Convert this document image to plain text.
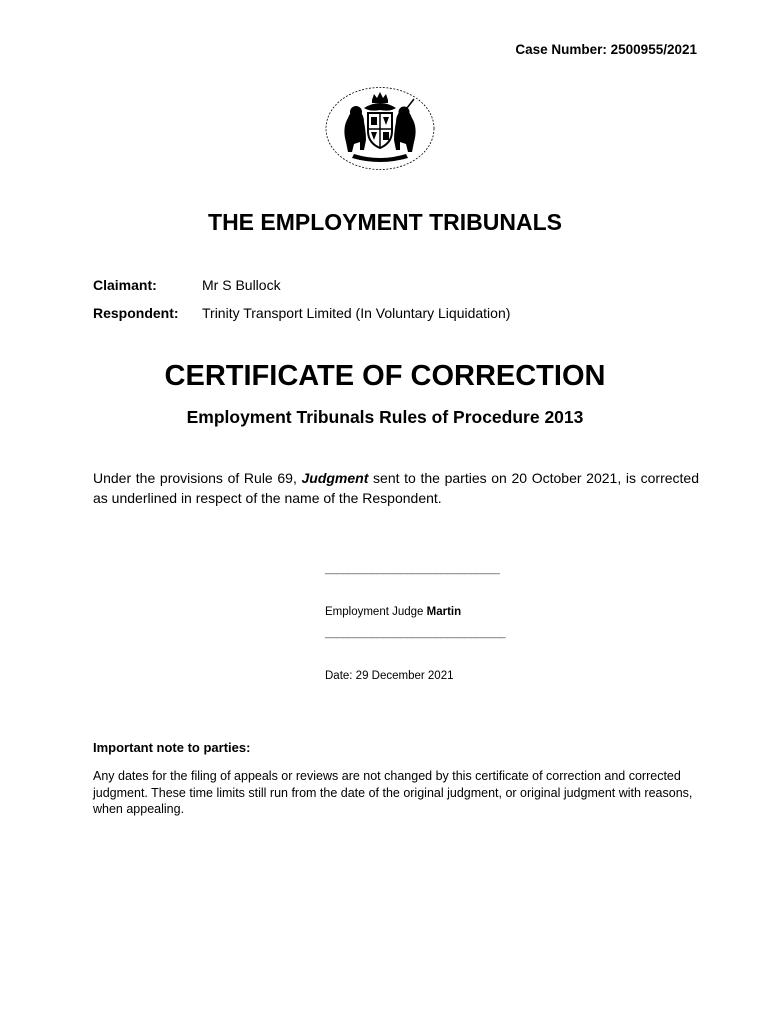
Case Number: 2500955/2021
THE EMPLOYMENT TRIBUNALS
Claimant:	Mr S Bullock
Respondent: Trinity Transport Limited (In Voluntary Liquidation)
CERTIFICATE OF CORRECTION
Employment Tribunals Rules of Procedure 2013
Under the provisions of Rule 69, Judgment sent to the parties on 20 October 2021, is corrected as underlined in respect of the name of the Respondent.
______________________________
Employment Judge Martin
_______________________________
Date: 29 December 2021
Important note to parties:
Any dates for the filing of appeals or reviews are not changed by this certificate of correction and corrected judgment. These time limits still run from the date of the original judgment, or original judgment with reasons, when appealing.
